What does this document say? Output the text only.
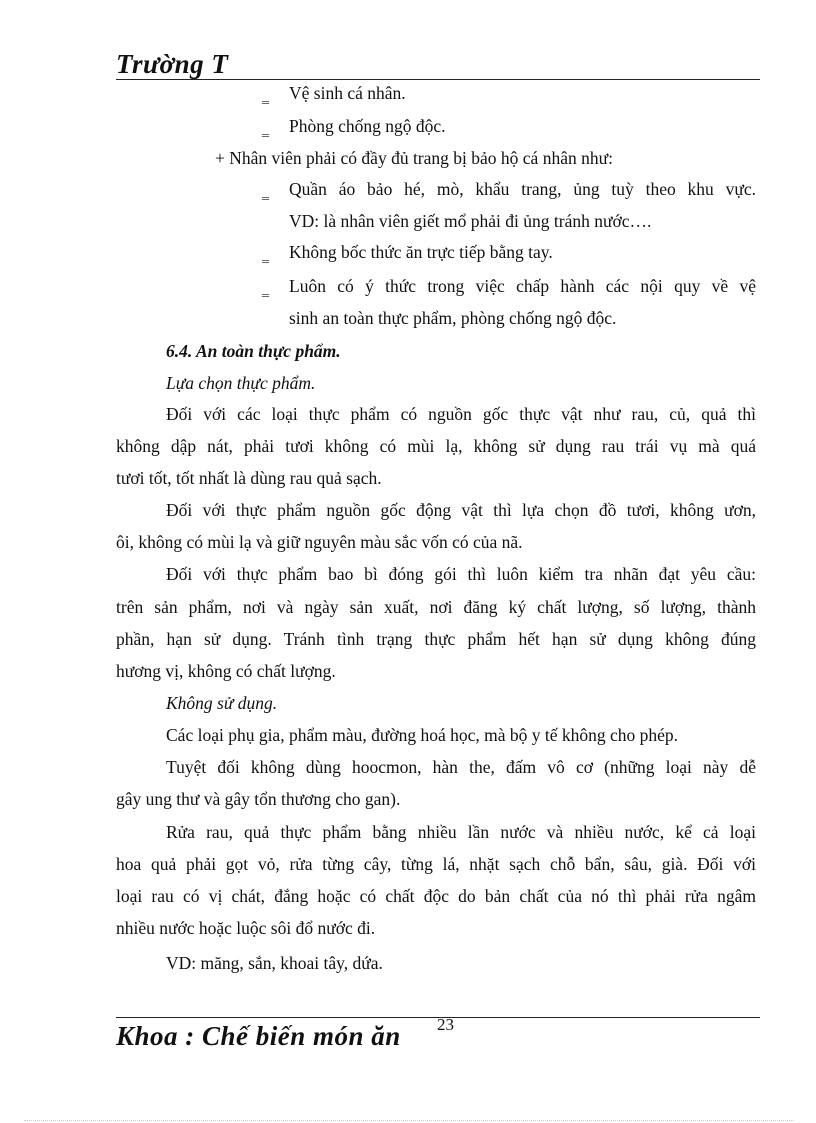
Trường T
‗ Vệ sinh cá nhân.
‗ Phòng chống ngộ độc.
+ Nhân viên phải có đầy đủ trang bị bảo hộ cá nhân như:
‗ Quần áo bảo hé, mò, khẩu trang, ủng tuỳ theo khu vực.
VD: là nhân viên giết mổ phải đi ủng tránh nước….
‗ Không bốc thức ăn trực tiếp bằng tay.
‗ Luôn có ý thức trong việc chấp hành các nội quy về vệ
sinh an toàn thực phẩm, phòng chống ngộ độc.
6.4. An toàn thực phẩm.
Lựa chọn thực phẩm.
Đối với các loại thực phẩm có nguồn gốc thực vật như rau, củ, quả thì
không dập nát, phải tươi không có mùi lạ, không sử dụng rau trái vụ mà quá
tươi tốt, tốt nhất là dùng rau quả sạch.
Đối với thực phẩm nguồn gốc động vật thì lựa chọn đồ tươi, không ươn,
ôi, không có mùi lạ và giữ nguyên màu sắc vốn có của nã.
Đối với thực phẩm bao bì đóng gói thì luôn kiểm tra nhãn đạt yêu cầu:
trên sản phẩm, nơi và ngày sản xuất, nơi đăng ký chất lượng, số lượng, thành
phần, hạn sử dụng. Tránh tình trạng thực phẩm hết hạn sử dụng không đúng
hương vị, không có chất lượng.
Không sử dụng.
Các loại phụ gia, phẩm màu, đường hoá học, mà bộ y tế không cho phép.
Tuyệt đối không dùng hoocmon, hàn the, đấm vô cơ (những loại này dễ
gây ung thư và gây tổn thương cho gan).
Rửa rau, quả thực phẩm bằng nhiều lần nước và nhiều nước, kể cả loại
hoa quả phải gọt vỏ, rửa từng cây, từng lá, nhặt sạch chỗ bẩn, sâu, già. Đối với
loại rau có vị chát, đắng hoặc có chất độc do bản chất của nó thì phải rửa ngâm
nhiều nước hoặc luộc sôi đổ nước đi.
VD: măng, sắn, khoai tây, dứa.
Khoa : Chế biến món ăn 23
